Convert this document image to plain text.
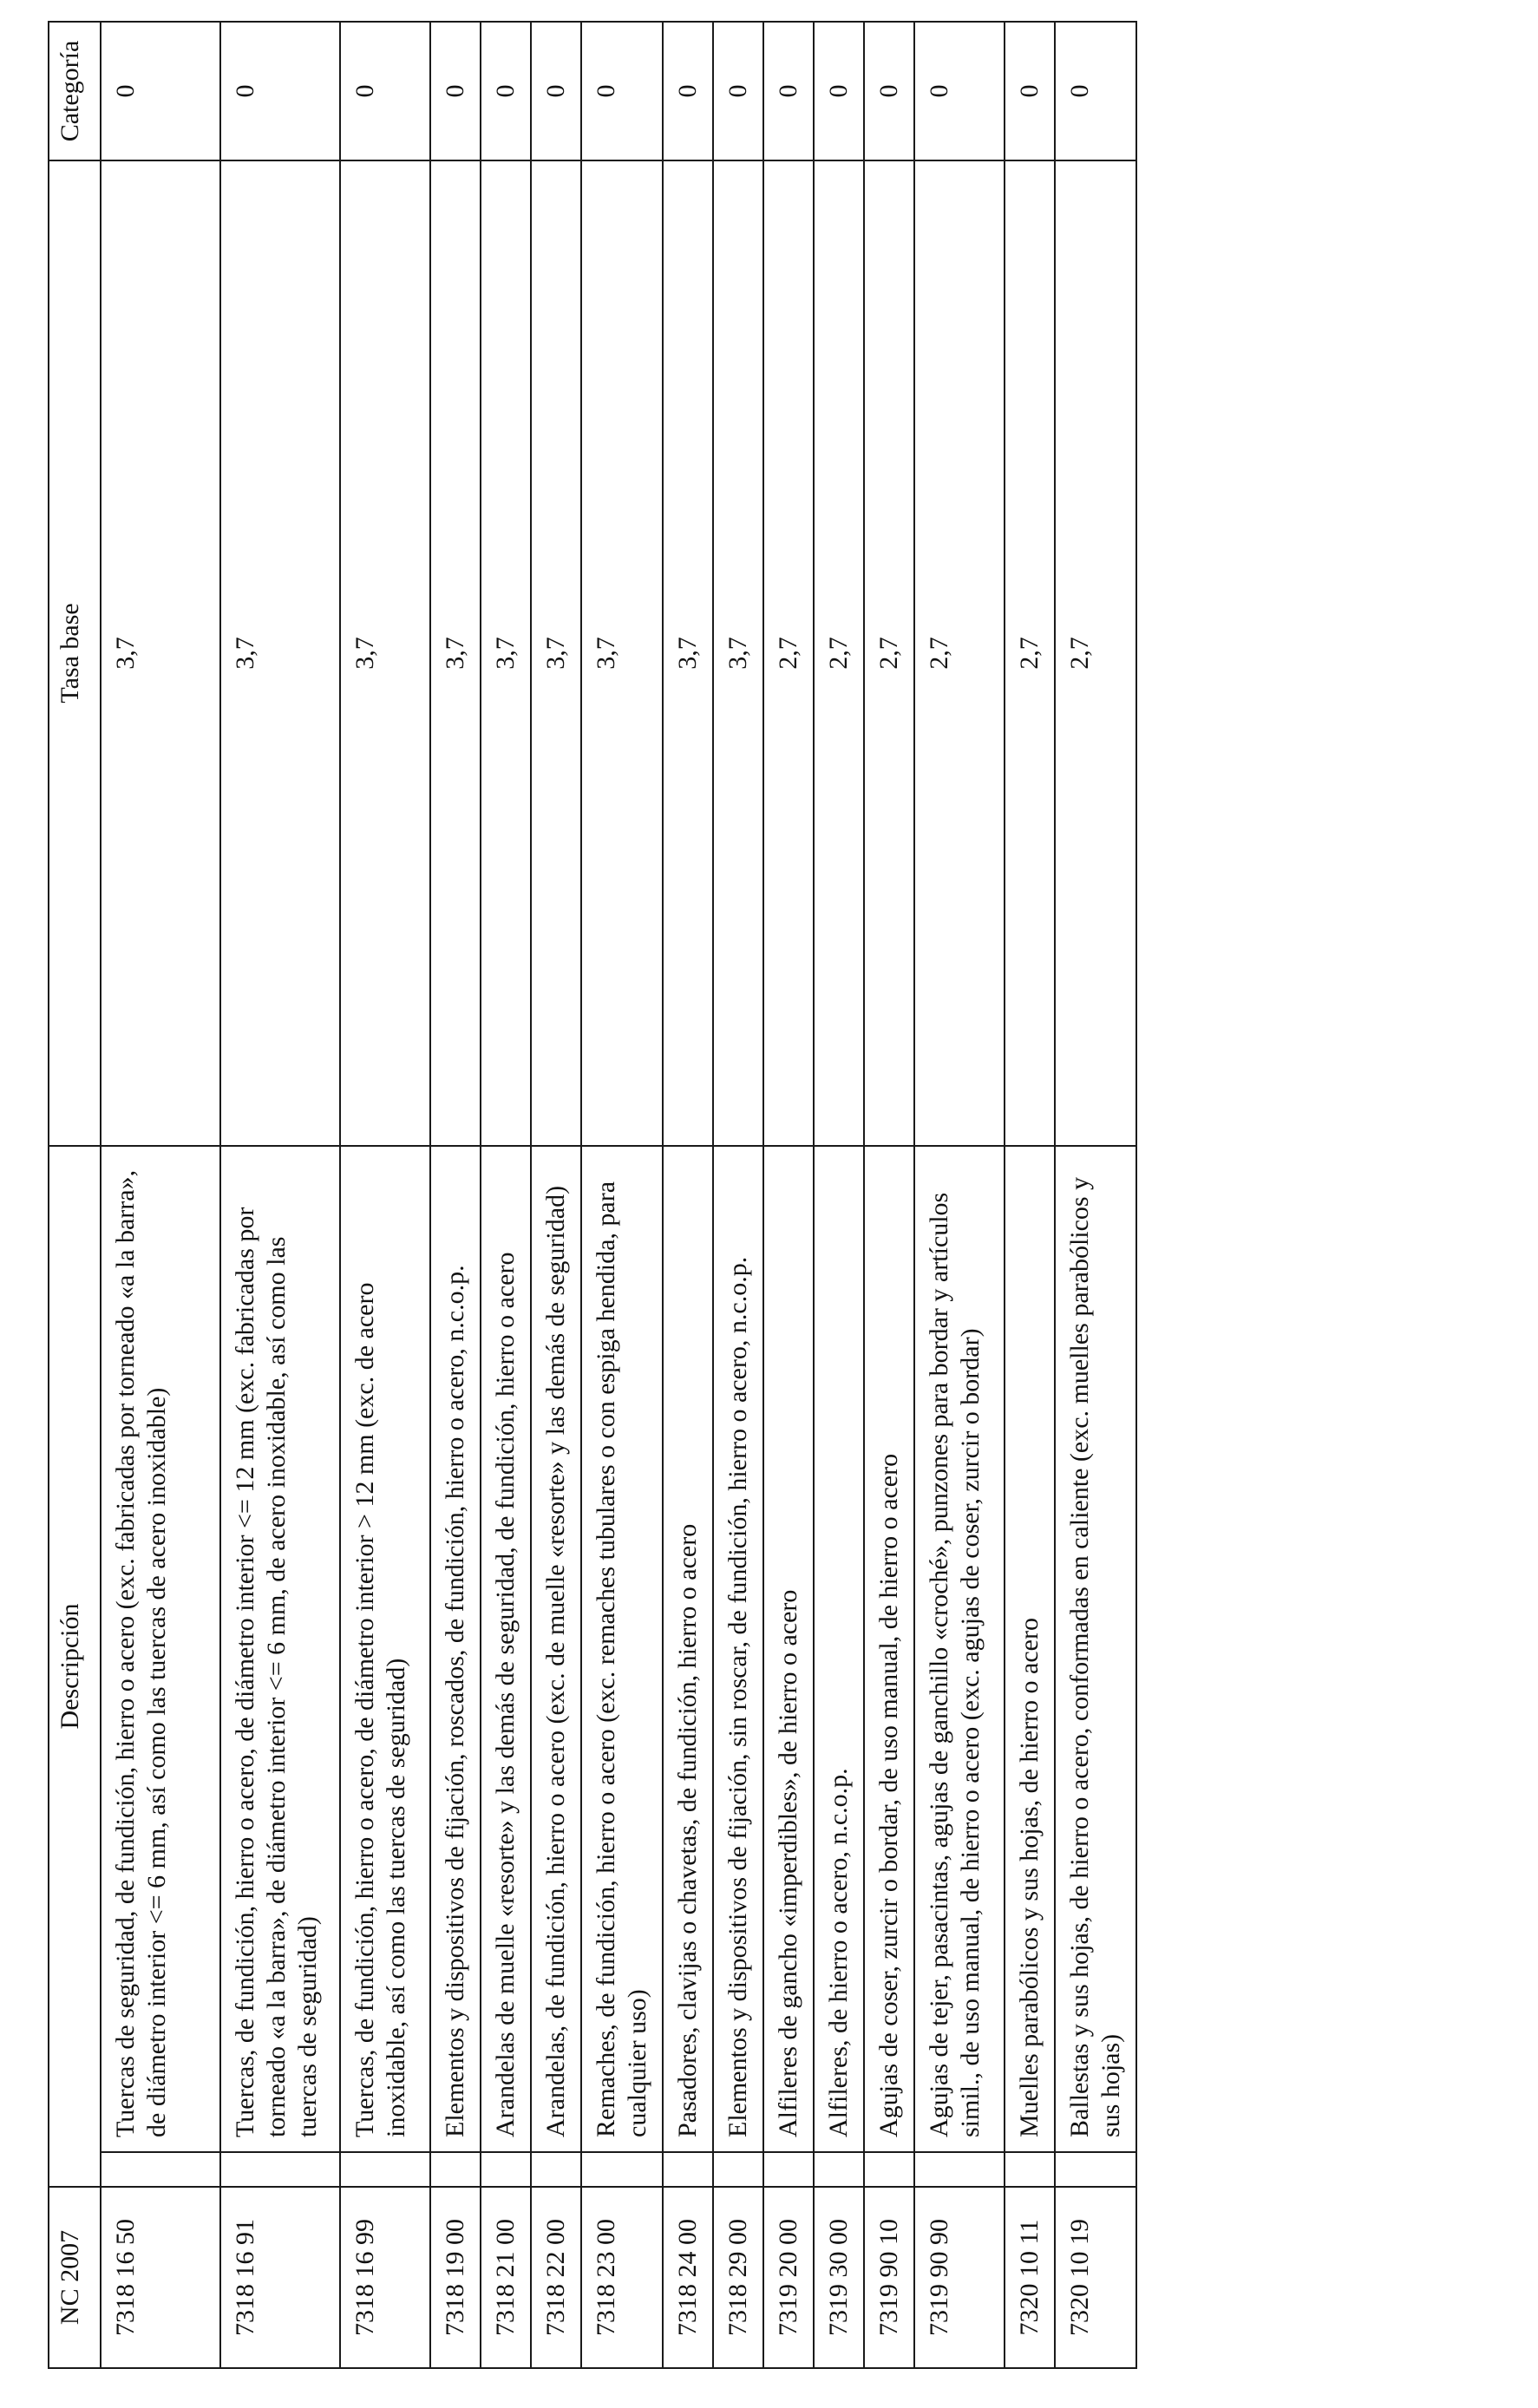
NC 2007	Descripción		Tasa base	Categoría
7318 16 50		Tuercas de seguridad, de fundición, hierro o acero (exc. fabricadas por torneado «a la barra», de diámetro interior <= 6 mm, así como las tuercas de acero inoxidable)	3,7	0
7318 16 91		Tuercas, de fundición, hierro o acero, de diámetro interior <= 12 mm (exc. fabricadas por torneado «a la barra», de diámetro interior <= 6 mm, de acero inoxidable, así como las tuercas de seguridad)	3,7	0
7318 16 99		Tuercas, de fundición, hierro o acero, de diámetro interior > 12 mm (exc. de acero inoxidable, así como las tuercas de seguridad)	3,7	0
7318 19 00		Elementos y dispositivos de fijación, roscados, de fundición, hierro o acero, n.c.o.p.	3,7	0
7318 21 00		Arandelas de muelle «resorte» y las demás de seguridad, de fundición, hierro o acero	3,7	0
7318 22 00		Arandelas, de fundición, hierro o acero (exc. de muelle «resorte» y las demás de seguridad)	3,7	0
7318 23 00		Remaches, de fundición, hierro o acero (exc. remaches tubulares o con espiga hendida, para cualquier uso)	3,7	0
7318 24 00		Pasadores, clavijas o chavetas, de fundición, hierro o acero	3,7	0
7318 29 00		Elementos y dispositivos de fijación, sin roscar, de fundición, hierro o acero, n.c.o.p.	3,7	0
7319 20 00		Alfileres de gancho «imperdibles», de hierro o acero	2,7	0
7319 30 00		Alfileres, de hierro o acero, n.c.o.p.	2,7	0
7319 90 10		Agujas de coser, zurcir o bordar, de uso manual, de hierro o acero	2,7	0
7319 90 90		Agujas de tejer, pasacintas, agujas de ganchillo «croché», punzones para bordar y artículos simil., de uso manual, de hierro o acero (exc. agujas de coser, zurcir o bordar)	2,7	0
7320 10 11		Muelles parabólicos y sus hojas, de hierro o acero	2,7	0
7320 10 19		Ballestas y sus hojas, de hierro o acero, conformadas en caliente (exc. muelles parabólicos y sus hojas)	2,7	0
